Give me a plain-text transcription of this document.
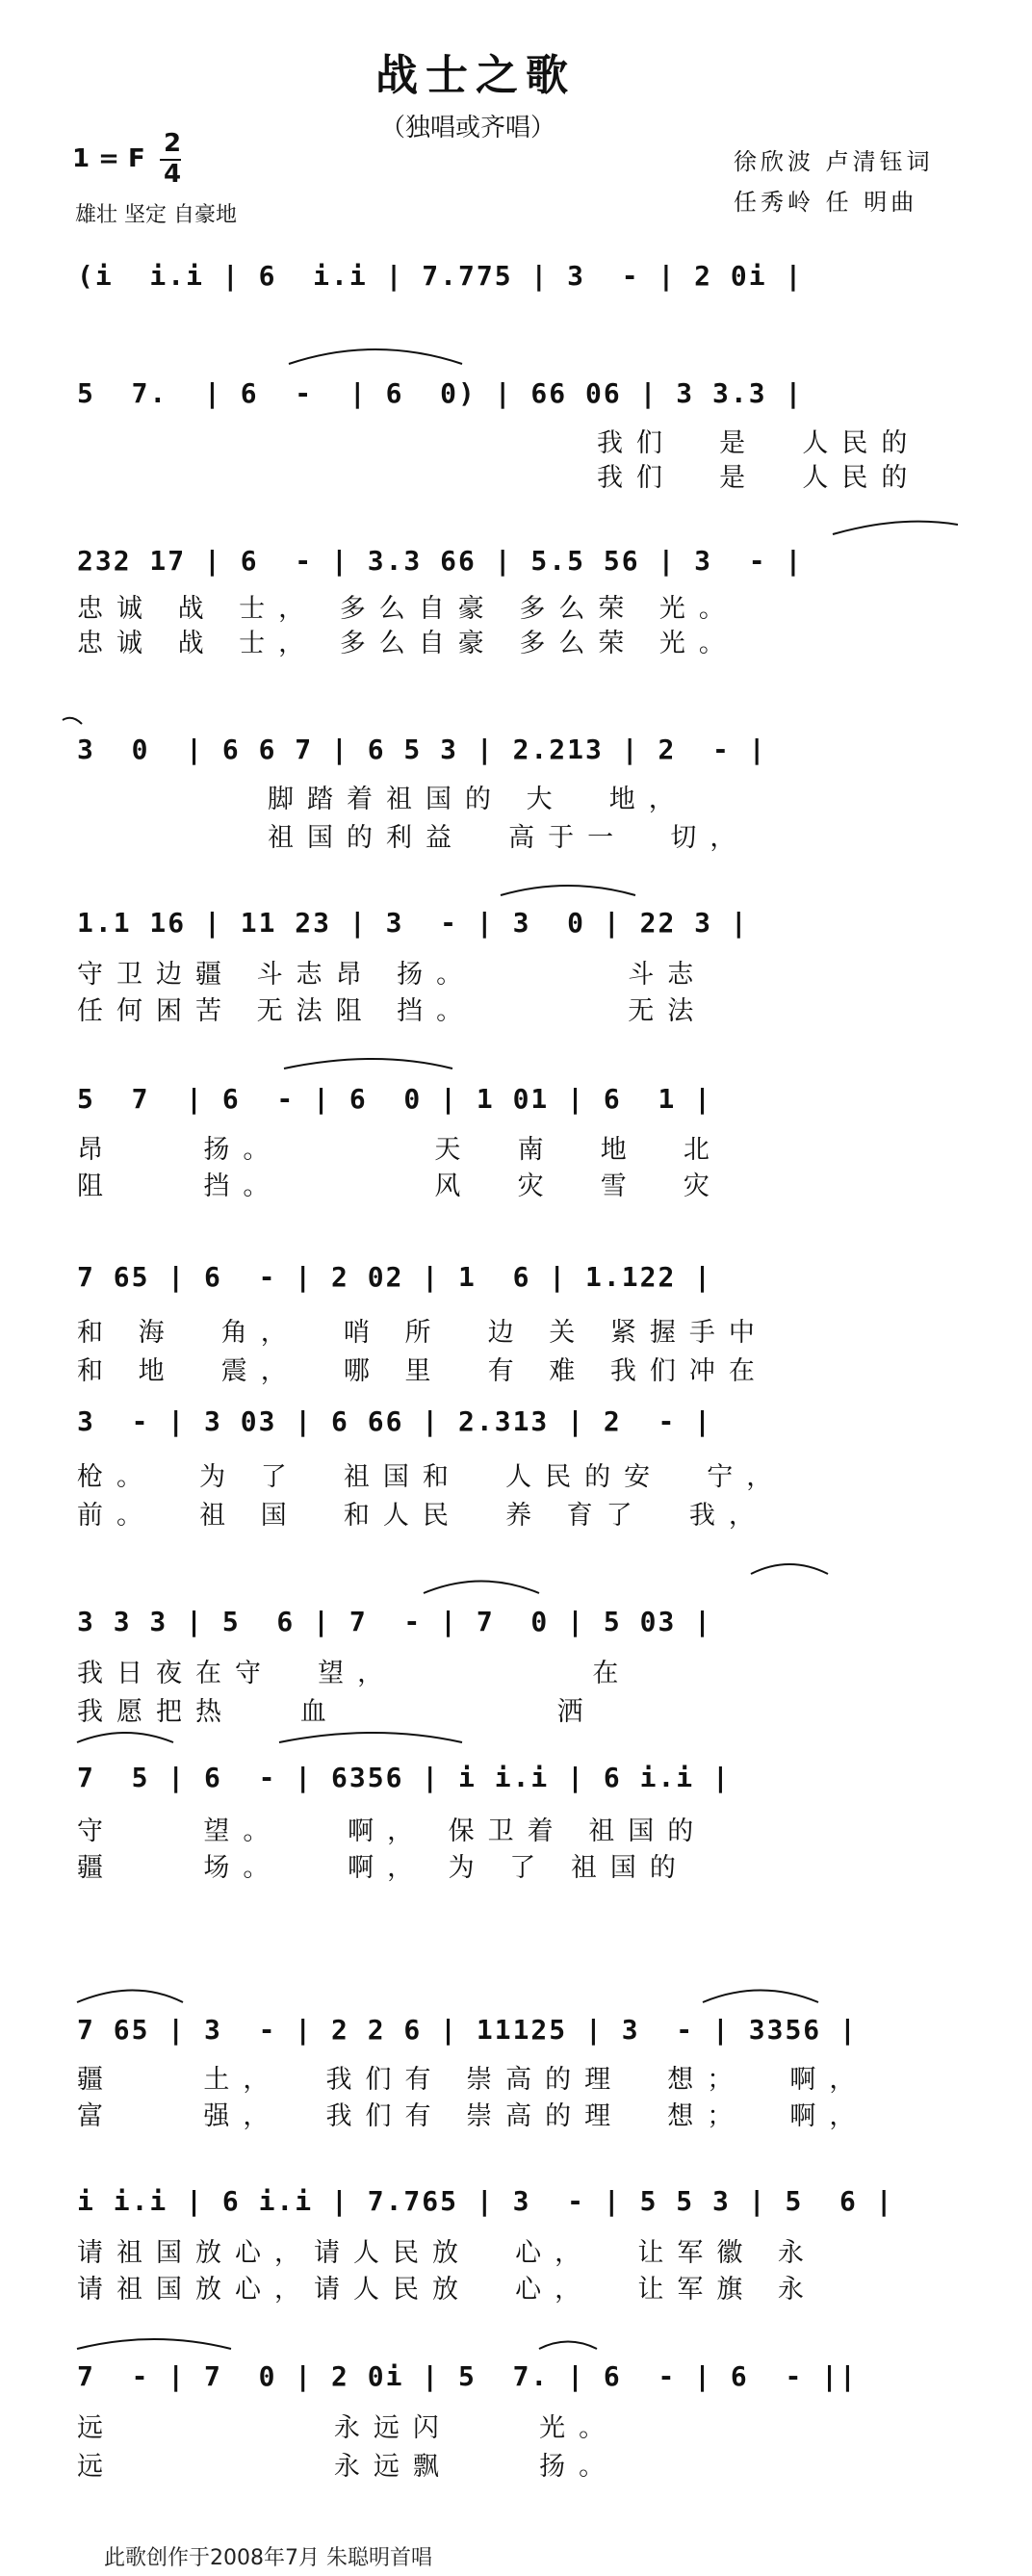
战士之歌
（独唱或齐唱）
1 = F
2
4
雄壮 坚定 自豪地
徐欣波 卢清钰词
任秀岭 任 明曲
(i  i.i | 6  i.i | 7.775 | 3  - | 2 0i |
5  7.  | 6  -  | 6  0) | 66 06 | 3 3.3 |
我们  是  人民的
我们  是  人民的
232 17 | 6  - | 3.3 66 | 5.5 56 | 3  - |
忠诚 战 士， 多么自豪 多么荣 光。
忠诚 战 士， 多么自豪 多么荣 光。
3  0  | 6 6 7 | 6 5 3 | 2.213 | 2  - |
脚踏着祖国的 大  地，
祖国的利益  高于一  切，
1.1 16 | 11 23 | 3  - | 3  0 | 22 3 |
守卫边疆 斗志昂 扬。       斗志
任何困苦 无法阻 挡。       无法
5  7  | 6  - | 6  0 | 1 01 | 6  1 |
昂    扬。       天  南  地  北
阻    挡。       风  灾  雪  灾
7 65 | 6  - | 2 02 | 1  6 | 1.122 |
和 海  角，  哨 所  边 关 紧握手中
和 地  震，  哪 里  有 难 我们冲在
3  - | 3 03 | 6 66 | 2.313 | 2  - |
枪。  为 了  祖国和  人民的安  宁，
前。  祖 国  和人民  养 育了  我，
3 3 3 | 5  6 | 7  - | 7  0 | 5 03 |
我日夜在守  望，         在
我愿把热   血          洒
7  5 | 6  - | 6356 | i i.i | 6 i.i |
守    望。   啊， 保卫着 祖国的
疆    场。   啊， 为 了 祖国的
7 65 | 3  - | 2 2 6 | 11125 | 3  - | 3356 |
疆    土，  我们有 崇高的理  想；  啊，
富    强，  我们有 崇高的理  想；  啊，
i i.i | 6 i.i | 7.765 | 3  - | 5 5 3 | 5  6 |
请祖国放心，请人民放  心，  让军徽 永
请祖国放心，请人民放  心，  让军旗 永
7  - | 7  0 | 2 0i | 5  7. | 6  - | 6  - ||
远          永远闪    光。
远          永远飘    扬。
此歌创作于2008年7月 朱聪明首唱
